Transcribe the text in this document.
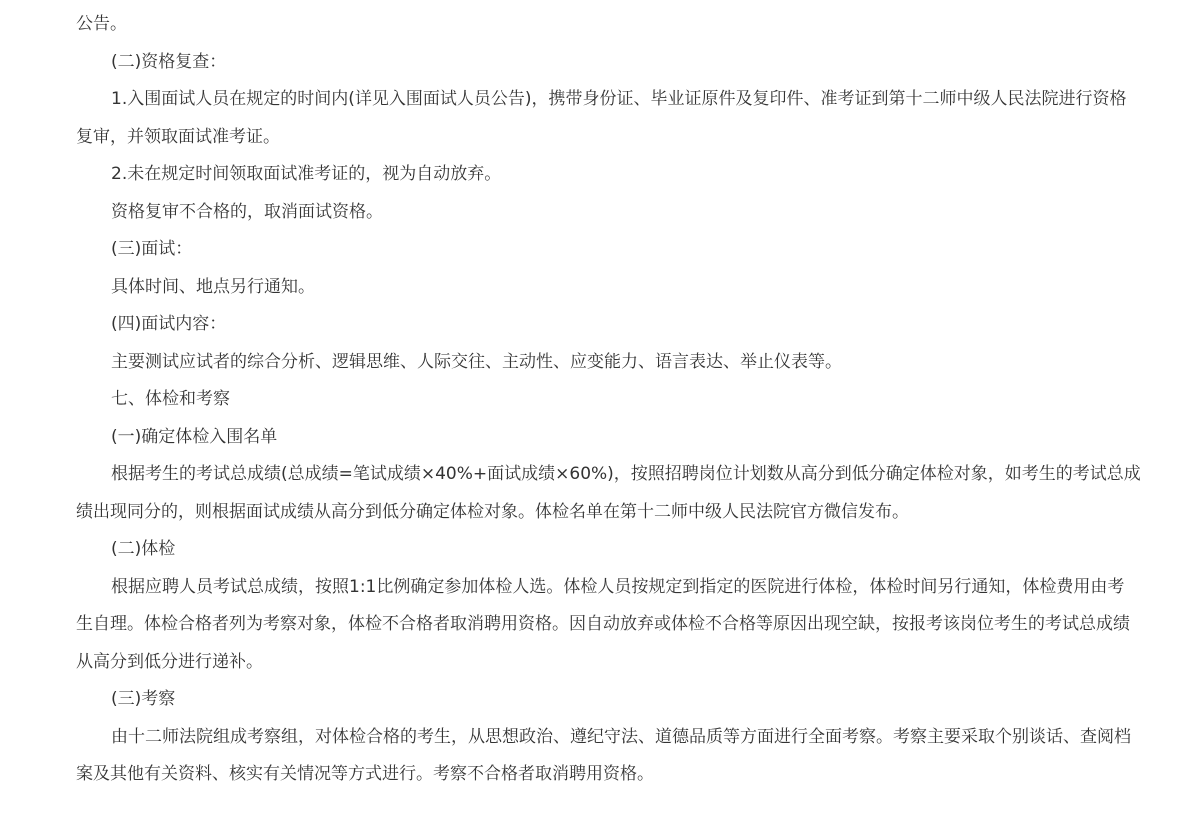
公告。

(二)资格复查：

1.入围面试人员在规定的时间内(详见入围面试人员公告)，携带身份证、毕业证原件及复印件、准考证到第十二师中级人民法院进行资格复审，并领取面试准考证。

2.未在规定时间领取面试准考证的，视为自动放弃。

资格复审不合格的，取消面试资格。

(三)面试：

具体时间、地点另行通知。

(四)面试内容：

主要测试应试者的综合分析、逻辑思维、人际交往、主动性、应变能力、语言表达、举止仪表等。

七、体检和考察

(一)确定体检入围名单

根据考生的考试总成绩(总成绩=笔试成绩×40%+面试成绩×60%)，按照招聘岗位计划数从高分到低分确定体检对象，如考生的考试总成绩出现同分的，则根据面试成绩从高分到低分确定体检对象。体检名单在第十二师中级人民法院官方微信发布。

(二)体检

根据应聘人员考试总成绩，按照1:1比例确定参加体检人选。体检人员按规定到指定的医院进行体检，体检时间另行通知，体检费用由考生自理。体检合格者列为考察对象，体检不合格者取消聘用资格。因自动放弃或体检不合格等原因出现空缺，按报考该岗位考生的考试总成绩从高分到低分进行递补。

(三)考察

由十二师法院组成考察组，对体检合格的考生，从思想政治、遵纪守法、道德品质等方面进行全面考察。考察主要采取个别谈话、查阅档案及其他有关资料、核实有关情况等方式进行。考察不合格者取消聘用资格。
